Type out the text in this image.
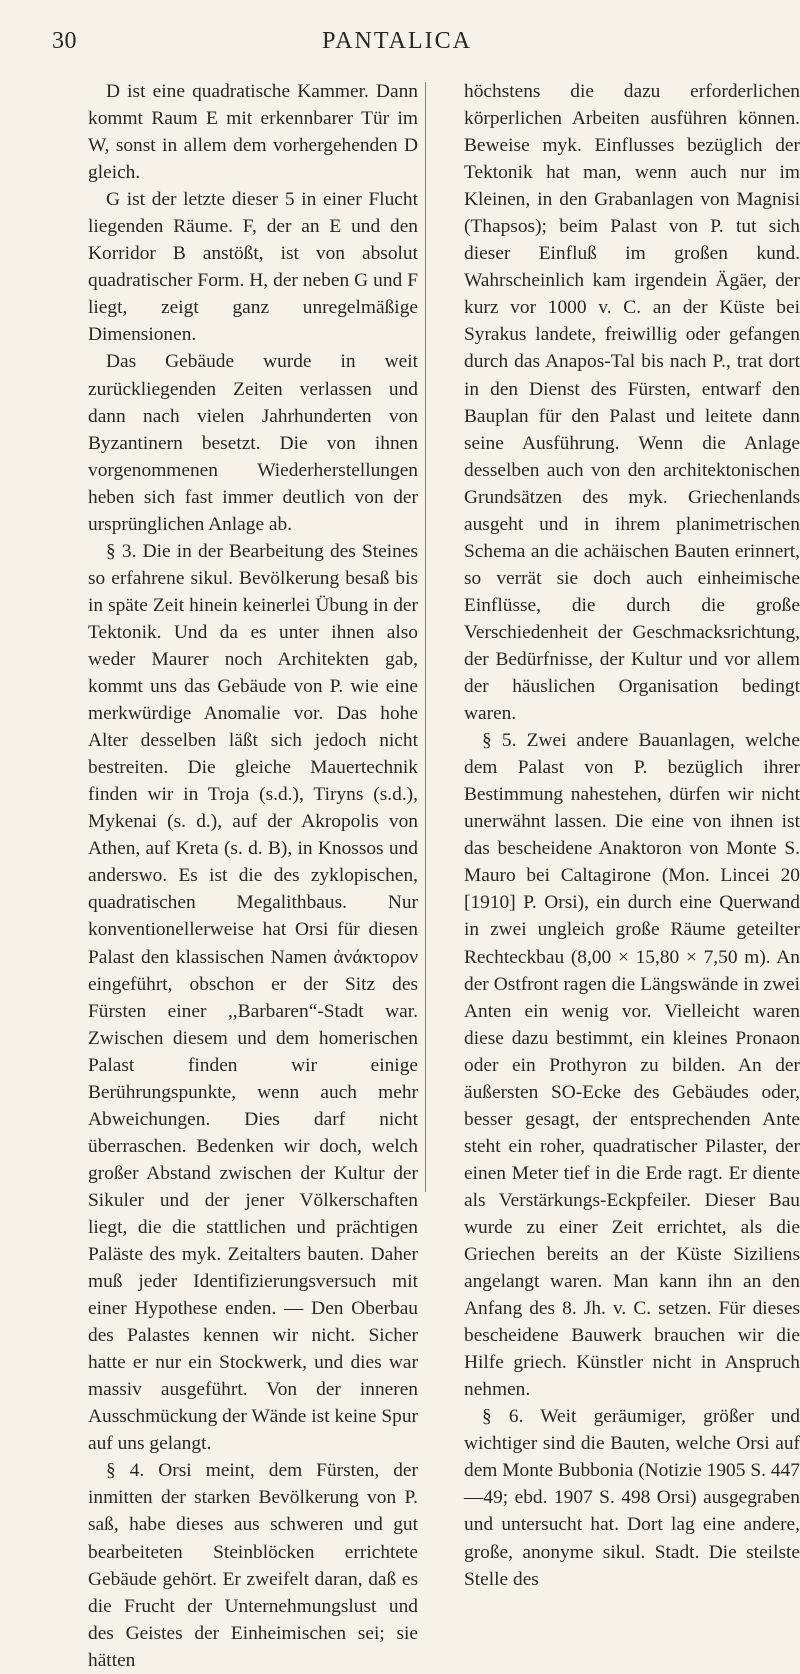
30	PANTALICA

D ist eine quadratische Kammer. Dann kommt Raum E mit erkennbarer Tür im W, sonst in allem dem vorhergehenden D gleich.

G ist der letzte dieser 5 in einer Flucht liegenden Räume. F, der an E und den Korridor B anstößt, ist von absolut quadratischer Form. H, der neben G und F liegt, zeigt ganz unregelmäßige Dimensionen.

Das Gebäude wurde in weit zurückliegenden Zeiten verlassen und dann nach vielen Jahrhunderten von Byzantinern besetzt. Die von ihnen vorgenommenen Wiederherstellungen heben sich fast immer deutlich von der ursprünglichen Anlage ab.

§ 3. Die in der Bearbeitung des Steines so erfahrene sikul. Bevölkerung besaß bis in späte Zeit hinein keinerlei Übung in der Tektonik. Und da es unter ihnen also weder Maurer noch Architekten gab, kommt uns das Gebäude von P. wie eine merkwürdige Anomalie vor. Das hohe Alter desselben läßt sich jedoch nicht bestreiten. Die gleiche Mauertechnik finden wir in Troja (s.d.), Tiryns (s.d.), Mykenai (s. d.), auf der Akropolis von Athen, auf Kreta (s. d. B), in Knossos und anderswo. Es ist die des zyklopischen, quadratischen Megalithbaus. Nur konventionellerweise hat Orsi für diesen Palast den klassischen Namen ἀνάκτορον eingeführt, obschon er der Sitz des Fürsten einer ,,Barbaren“-Stadt war. Zwischen diesem und dem homerischen Palast finden wir einige Berührungspunkte, wenn auch mehr Abweichungen. Dies darf nicht überraschen. Bedenken wir doch, welch großer Abstand zwischen der Kultur der Sikuler und der jener Völkerschaften liegt, die die stattlichen und prächtigen Paläste des myk. Zeitalters bauten. Daher muß jeder Identifizierungsversuch mit einer Hypothese enden. — Den Oberbau des Palastes kennen wir nicht. Sicher hatte er nur ein Stockwerk, und dies war massiv ausgeführt. Von der inneren Ausschmückung der Wände ist keine Spur auf uns gelangt.

§ 4. Orsi meint, dem Fürsten, der inmitten der starken Bevölkerung von P. saß, habe dieses aus schweren und gut bearbeiteten Steinblöcken errichtete Gebäude gehört. Er zweifelt daran, daß es die Frucht der Unternehmungslust und des Geistes der Einheimischen sei; sie hätten

höchstens die dazu erforderlichen körperlichen Arbeiten ausführen können. Beweise myk. Einflusses bezüglich der Tektonik hat man, wenn auch nur im Kleinen, in den Grabanlagen von Magnisi (Thapsos); beim Palast von P. tut sich dieser Einfluß im großen kund. Wahrscheinlich kam irgendein Ägäer, der kurz vor 1000 v. C. an der Küste bei Syrakus landete, freiwillig oder gefangen durch das Anapos-Tal bis nach P., trat dort in den Dienst des Fürsten, entwarf den Bauplan für den Palast und leitete dann seine Ausführung. Wenn die Anlage desselben auch von den architektonischen Grundsätzen des myk. Griechenlands ausgeht und in ihrem planimetrischen Schema an die achäischen Bauten erinnert, so verrät sie doch auch einheimische Einflüsse, die durch die große Verschiedenheit der Geschmacksrichtung, der Bedürfnisse, der Kultur und vor allem der häuslichen Organisation bedingt waren.

§ 5. Zwei andere Bauanlagen, welche dem Palast von P. bezüglich ihrer Bestimmung nahestehen, dürfen wir nicht unerwähnt lassen. Die eine von ihnen ist das bescheidene Anaktoron von Monte S. Mauro bei Caltagirone (Mon. Lincei 20 [1910] P. Orsi), ein durch eine Querwand in zwei ungleich große Räume geteilter Rechteckbau (8,00 × 15,80 × 7,50 m). An der Ostfront ragen die Längswände in zwei Anten ein wenig vor. Vielleicht waren diese dazu bestimmt, ein kleines Pronaon oder ein Prothyron zu bilden. An der äußersten SO-Ecke des Gebäudes oder, besser gesagt, der entsprechenden Ante steht ein roher, quadratischer Pilaster, der einen Meter tief in die Erde ragt. Er diente als Verstärkungs-Eckpfeiler. Dieser Bau wurde zu einer Zeit errichtet, als die Griechen bereits an der Küste Siziliens angelangt waren. Man kann ihn an den Anfang des 8. Jh. v. C. setzen. Für dieses bescheidene Bauwerk brauchen wir die Hilfe griech. Künstler nicht in Anspruch nehmen.

§ 6. Weit geräumiger, größer und wichtiger sind die Bauten, welche Orsi auf dem Monte Bubbonia (Notizie 1905 S. 447—49; ebd. 1907 S. 498 Orsi) ausgegraben und untersucht hat. Dort lag eine andere, große, anonyme sikul. Stadt. Die steilste Stelle des
